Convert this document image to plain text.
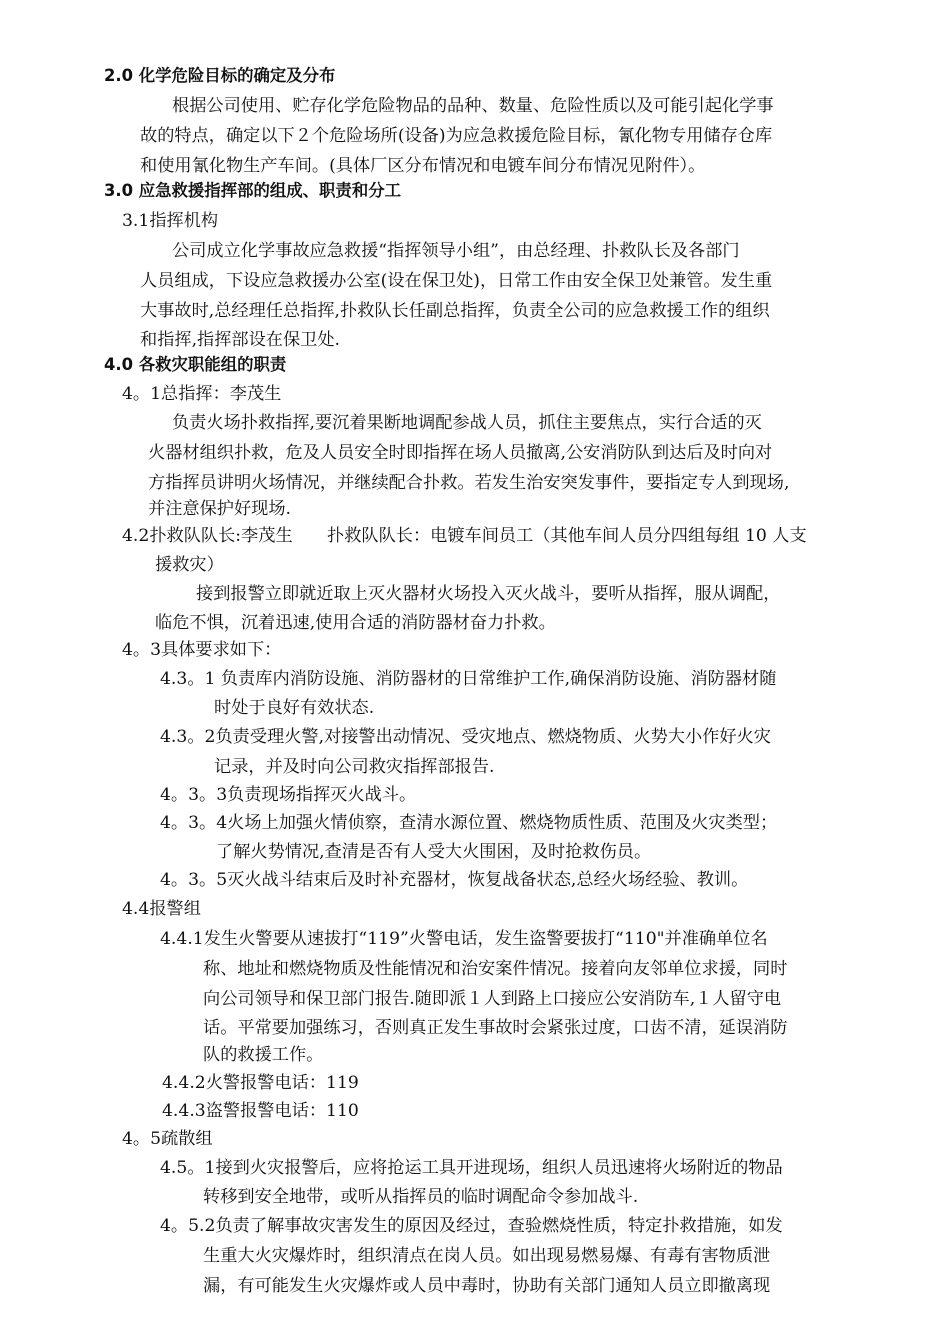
2.0 化学危险目标的确定及分布
根据公司使用、贮存化学危险物品的品种、数量、危险性质以及可能引起化学事
故的特点，确定以下２个危险场所(设备)为应急救援危险目标，氰化物专用储存仓库
和使用氰化物生产车间。(具体厂区分布情况和电镀车间分布情况见附件）。
3.0 应急救援指挥部的组成、职责和分工
3.1指挥机构
公司成立化学事故应急救援“指挥领导小组”，由总经理、扑救队长及各部门
人员组成，下设应急救援办公室(设在保卫处)，日常工作由安全保卫处兼管。发生重
大事故时,总经理任总指挥,扑救队长任副总指挥，负责全公司的应急救援工作的组织
和指挥,指挥部设在保卫处.
4.0 各救灾职能组的职责
4。1总指挥：李茂生
负责火场扑救指挥,要沉着果断地调配参战人员，抓住主要焦点，实行合适的灭
火器材组织扑救，危及人员安全时即指挥在场人员撤离,公安消防队到达后及时向对
方指挥员讲明火场情况，并继续配合扑救。若发生治安突发事件，要指定专人到现场,
并注意保护好现场.
4.2扑救队队长:李茂生　　扑救队队长：电镀车间员工（其他车间人员分四组每组 10 人支
援救灾）
接到报警立即就近取上灭火器材火场投入灭火战斗，要听从指挥，服从调配，
临危不惧，沉着迅速,使用合适的消防器材奋力扑救。
4。3具体要求如下：
4.3。1 负责库内消防设施、消防器材的日常维护工作,确保消防设施、消防器材随
时处于良好有效状态.
4.3。2负责受理火警,对接警出动情况、受灾地点、燃烧物质、火势大小作好火灾
记录，并及时向公司救灾指挥部报告.
4。3。3负责现场指挥灭火战斗。
4。3。4火场上加强火情侦察，查清水源位置、燃烧物质性质、范围及火灾类型；
了解火势情况,查清是否有人受大火围困，及时抢救伤员。
4。3。5灭火战斗结束后及时补充器材，恢复战备状态,总经火场经验、教训。
4.4报警组
4.4.1发生火警要从速拔打“119”火警电话，发生盗警要拔打“110"并准确单位名
称、地址和燃烧物质及性能情况和治安案件情况。接着向友邻单位求援，同时
向公司领导和保卫部门报告.随即派１人到路上口接应公安消防车,１人留守电
话。平常要加强练习，否则真正发生事故时会紧张过度，口齿不清，延误消防
队的救援工作。
4.4.2火警报警电话：119
4.4.3盗警报警电话：110
4。5疏散组
4.5。1接到火灾报警后，应将抢运工具开进现场，组织人员迅速将火场附近的物品
转移到安全地带，或听从指挥员的临时调配命令参加战斗.
4。5.2负责了解事故灾害发生的原因及经过，查验燃烧性质，特定扑救措施，如发
生重大火灾爆炸时，组织清点在岗人员。如出现易燃易爆、有毒有害物质泄
漏，有可能发生火灾爆炸或人员中毒时，协助有关部门通知人员立即撤离现
